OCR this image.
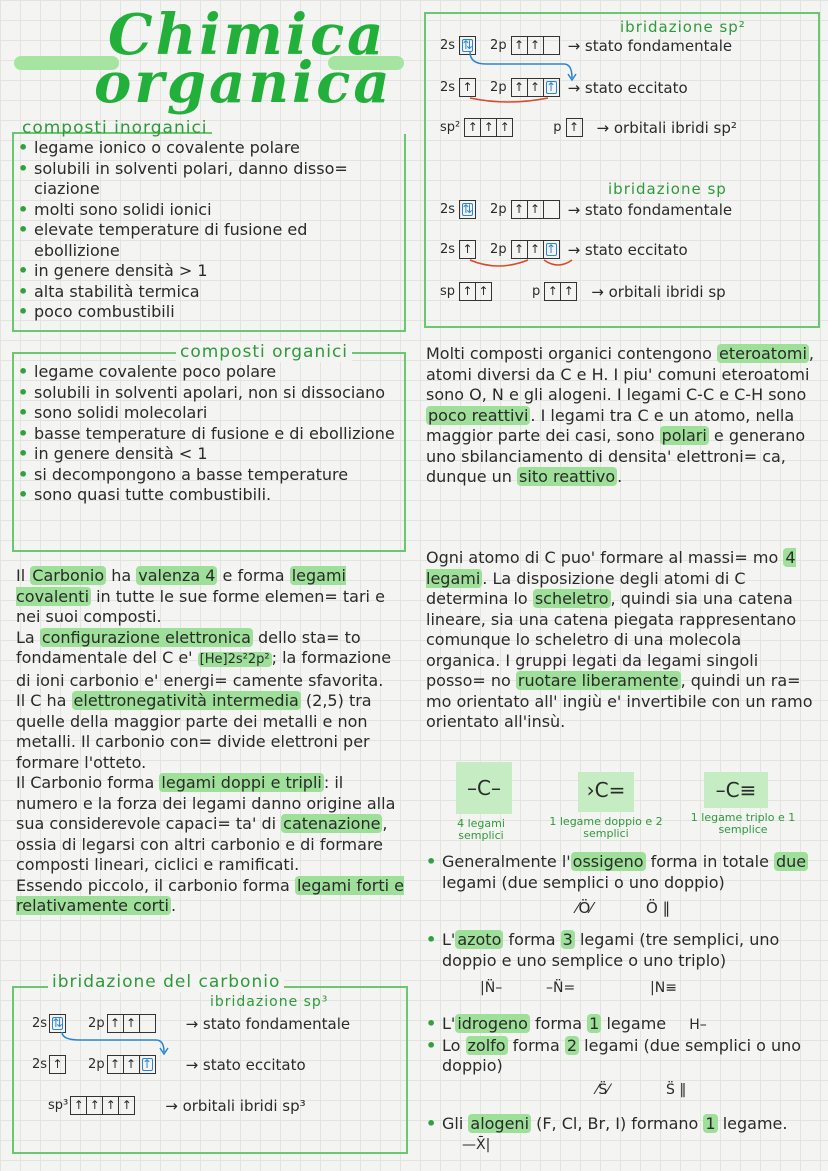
Chimica
organica
composti inorganici
• legame ionico o covalente polare
• solubili in solventi polari, danno disso= ciazione
• molti sono solidi ionici
• elevate temperature di fusione ed ebollizione
• in genere densità > 1
• alta stabilità termica
• poco combustibili
composti organici
• legame covalente poco polare
• solubili in solventi apolari, non si dissociano
• sono solidi molecolari
• basse temperature di fusione e di ebollizione
• in genere densità < 1
• si decompongono a basse temperature
• sono quasi tutte combustibili.
Il Carbonio ha valenza 4 e forma legami covalenti in tutte le sue forme elemen= tari e nei suoi composti.
La configurazione elettronica dello sta= to fondamentale del C e' [He]2s²2p² ; la formazione di ioni carbonio e' energi= camente sfavorita.
Il C ha elettronegatività intermedia (2,5) tra quelle della maggior parte dei metalli e non metalli. Il carbonio con= divide elettroni per formare l'otteto.
Il Carbonio forma legami doppi e tripli : il numero e la forza dei legami danno origine alla sua considerevole capaci= ta' di catenazione , ossia di legarsi con altri carbonio e di formare composti lineari, ciclici e ramificati.
Essendo piccolo, il carbonio forma legami forti e relativamente corti .
ibridazione del carbonio
ibridazione sp³
2s ⇅ 2p ↑ ↑	→ stato fondamentale
2s ↑ 2p ↑ ↑ ↑ → stato eccitato
sp³ ↑ ↑ ↑ ↑ → orbitali ibridi sp³
ibridazione sp²
2s ⇅ 2p ↑ ↑ → stato fondamentale
2s ↑ 2p ↑ ↑ ↑ → stato eccitato
sp² ↑ ↑ ↑	p ↑ → orbitali ibridi sp²
ibridazione sp
2s ⇅ 2p ↑ ↑ → stato fondamentale
2s ↑ 2p ↑ ↑ ↑ → stato eccitato
sp ↑ ↑	p ↑ ↑ → orbitali ibridi sp
Molti composti organici contengono eteroatomi , atomi diversi da C e H. I piu' comuni eteroatomi sono O, N e gli alogeni. I legami C-C e C-H sono poco reattivi . I legami tra C e un atomo, nella maggior parte dei casi, sono polari e generano uno sbilanciamento di densita' elettroni= ca, dunque un sito reattivo .
Ogni atomo di C puo' formare al massi= mo 4 legami . La disposizione degli atomi di C determina lo scheletro , quindi sia una catena lineare, sia una catena piegata rappresentano comunque lo scheletro di una molecola organica. I gruppi legati da legami singoli posso= no ruotare liberamente , quindi un ra= mo orientato all' ingiù e' invertibile con un ramo orientato all'insù.
–C–	›C=	–C≡
4 legami semplici
1 legame doppio e 2 semplici
1 legame triplo e 1 semplice
• Generalmente l' ossigeno forma in totale due legami (due semplici o uno doppio)
⁄Ö⁄	Ö ‖
• L' azoto forma 3 legami (tre semplici, uno doppio e uno semplice o uno triplo)
|N̈–	–N̈=	|N≡
• L' idrogeno forma 1 legame H–
• Lo zolfo forma 2 legami (due semplici o uno doppio)
⁄S̈⁄	S̈ ‖
• Gli alogeni (F, Cl, Br, I) formano 1 legame. —X̄|
